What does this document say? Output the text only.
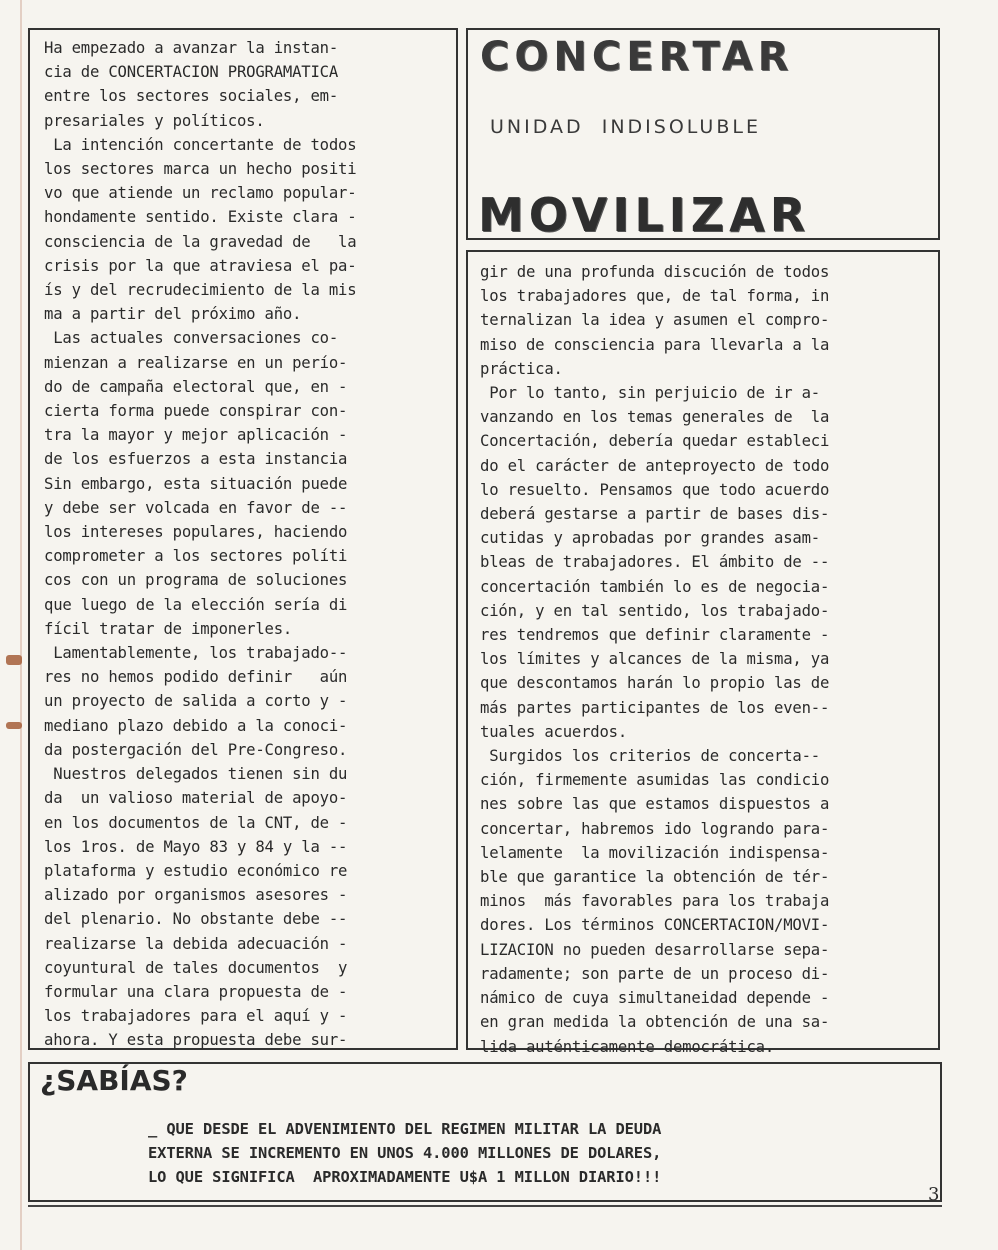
Ha empezado a avanzar la instan-
cia de CONCERTACION PROGRAMATICA
entre los sectores sociales, em-
presariales y políticos.
La intención concertante de todos
los sectores marca un hecho positi
vo que atiende un reclamo popular-
hondamente sentido. Existe clara -
consciencia de la gravedad de   la
crisis por la que atraviesa el pa-
ís y del recrudecimiento de la mis
ma a partir del próximo año.
Las actuales conversaciones co-
mienzan a realizarse en un perío-
do de campaña electoral que, en -
cierta forma puede conspirar con-
tra la mayor y mejor aplicación -
de los esfuerzos a esta instancia
Sin embargo, esta situación puede
y debe ser volcada en favor de --
los intereses populares, haciendo
comprometer a los sectores políti
cos con un programa de soluciones
que luego de la elección sería di
fícil tratar de imponerles.
Lamentablemente, los trabajado--
res no hemos podido definir   aún
un proyecto de salida a corto y -
mediano plazo debido a la conoci-
da postergación del Pre-Congreso.
Nuestros delegados tienen sin du
da  un valioso material de apoyo-
en los documentos de la CNT, de -
los 1ros. de Mayo 83 y 84 y la --
plataforma y estudio económico re
alizado por organismos asesores -
del plenario. No obstante debe --
realizarse la debida adecuación -
coyuntural de tales documentos  y
formular una clara propuesta de -
los trabajadores para el aquí y -
ahora. Y esta propuesta debe sur-
CONCERTAR
UNIDAD  INDISOLUBLE
MOVILIZAR
gir de una profunda discución de todos
los trabajadores que, de tal forma, in
ternalizan la idea y asumen el compro-
miso de consciencia para llevarla a la
práctica.
Por lo tanto, sin perjuicio de ir a-
vanzando en los temas generales de  la
Concertación, debería quedar estableci
do el carácter de anteproyecto de todo
lo resuelto. Pensamos que todo acuerdo
deberá gestarse a partir de bases dis-
cutidas y aprobadas por grandes asam-
bleas de trabajadores. El ámbito de --
concertación también lo es de negocia-
ción, y en tal sentido, los trabajado-
res tendremos que definir claramente -
los límites y alcances de la misma, ya
que descontamos harán lo propio las de
más partes participantes de los even--
tuales acuerdos.
Surgidos los criterios de concerta--
ción, firmemente asumidas las condicio
nes sobre las que estamos dispuestos a
concertar, habremos ido logrando para-
lelamente  la movilización indispensa-
ble que garantice la obtención de tér-
minos  más favorables para los trabaja
dores. Los términos CONCERTACION/MOVI-
LIZACION no pueden desarrollarse sepa-
radamente; son parte de un proceso di-
námico de cuya simultaneidad depende -
en gran medida la obtención de una sa-
lida auténticamente democrática.
¿SABÍAS?
_ QUE DESDE EL ADVENIMIENTO DEL REGIMEN MILITAR LA DEUDA
EXTERNA SE INCREMENTO EN UNOS 4.000 MILLONES DE DOLARES,
LO QUE SIGNIFICA  APROXIMADAMENTE U$A 1 MILLON DIARIO!!!
3
